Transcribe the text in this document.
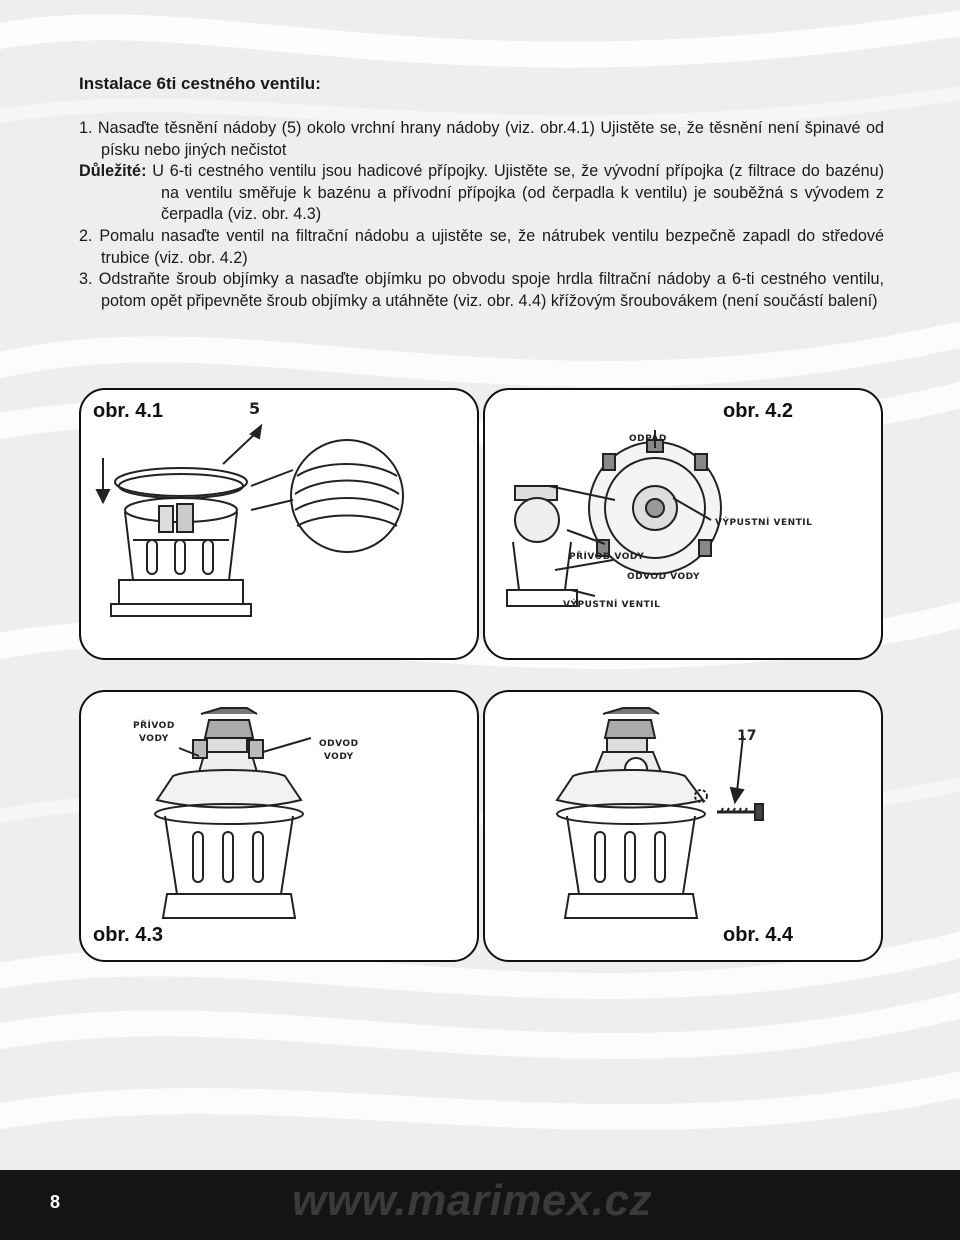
Instalace 6ti cestného ventilu:
1. Nasaďte těsnění nádoby (5) okolo vrchní hrany nádoby (viz. obr.4.1) Ujistěte se, že těsnění není špinavé od písku nebo jiných nečistot
Důležité: U 6-ti cestného ventilu jsou hadicové přípojky. Ujistěte se, že vývodní přípojka (z filtrace do bazénu) na ventilu směřuje k bazénu a přívodní přípojka (od čerpadla k ventilu) je souběžná s vývodem z čerpadla (viz. obr. 4.3)
2. Pomalu nasaďte ventil na filtrační nádobu a ujistěte se, že nátrubek ventilu bezpečně zapadl do středové trubice (viz. obr. 4.2)
3. Odstraňte šroub objímky a nasaďte objímku po obvodu spoje hrdla filtrační nádoby a 6-ti cestného ventilu, potom opět připevněte šroub objímky a utáhněte (viz. obr. 4.4) křížovým šroubovákem (není součástí balení)
obr. 4.1	5	obr. 4.2
ODPAD
VÝPUSTNÍ VENTIL
PŘÍVOD VODY
ODVOD VODY
VÝPUSTNÍ VENTIL
obr. 4.3
PŘÍVOD
VODY	ODVOD
VODY
obr. 4.4
17
8	www.marimex.cz
